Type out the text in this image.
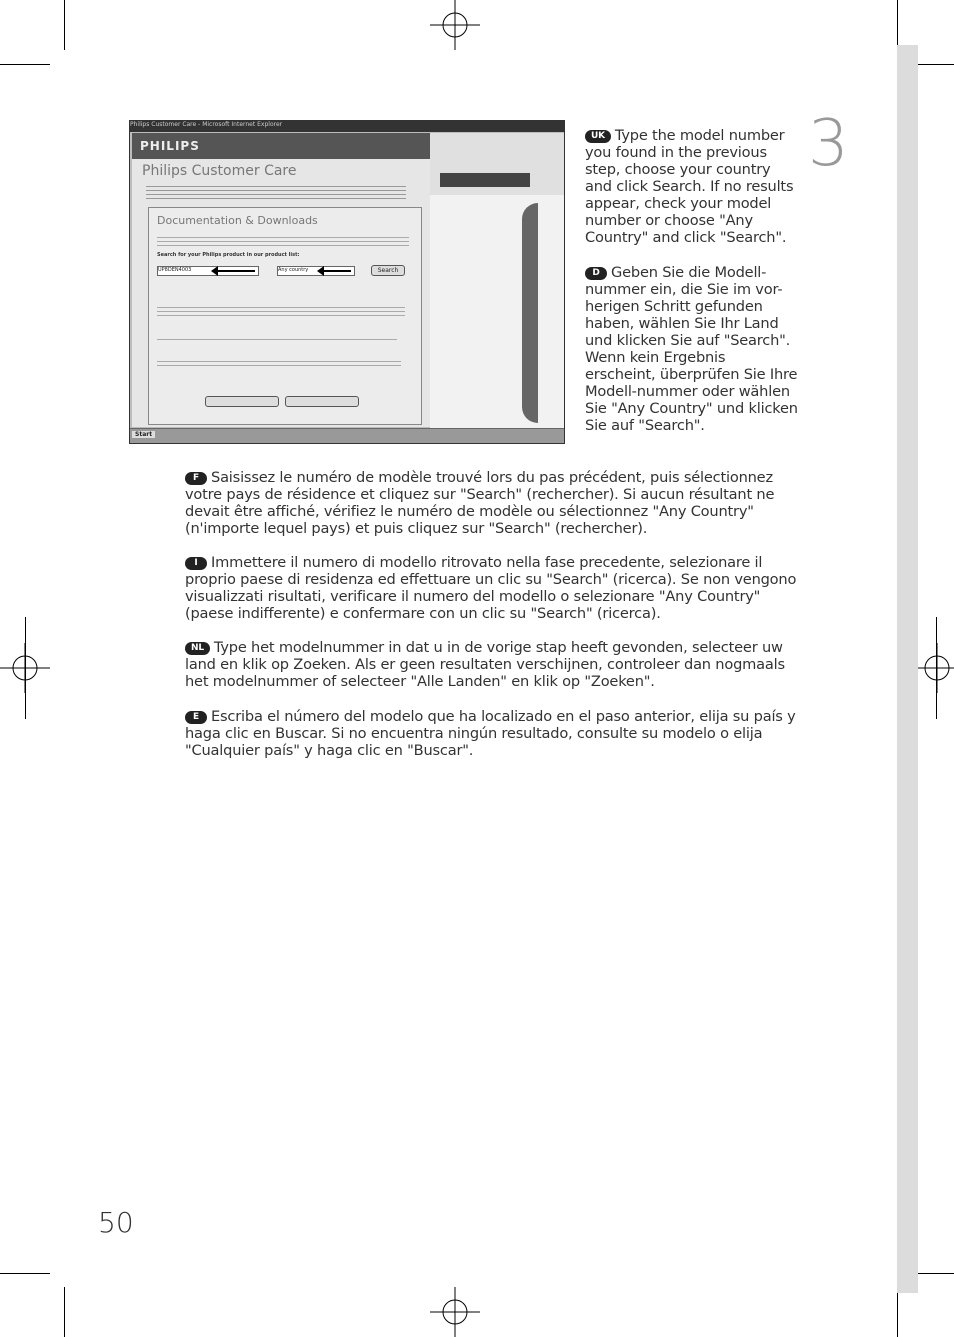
3
Philips Customer Care - Microsoft Internet Explorer
PHILIPS
Philips Customer Care
Documentation & Downloads
Search for your Philips product in our product list:
UP8DEN4003	Any country	Search
Start
UK Type the model number you found in the previous step, choose your country and click Search. If no results appear, check your model number or choose "Any Country" and click "Search".
D Geben Sie die Modell-nummer ein, die Sie im vor-herigen Schritt gefunden haben, wählen Sie Ihr Land und klicken Sie auf "Search". Wenn kein Ergebnis erscheint, überprüfen Sie Ihre Modell-nummer oder wählen Sie "Any Country" und klicken Sie auf "Search".
F Saisissez le numéro de modèle trouvé lors du pas précédent, puis sélectionnez votre pays de résidence et cliquez sur "Search" (rechercher). Si aucun résultant ne devait être affiché, vérifiez le numéro de modèle ou sélectionnez "Any Country" (n'importe lequel pays) et puis cliquez sur "Search" (rechercher).
I Immettere il numero di modello ritrovato nella fase precedente, selezionare il proprio paese di residenza ed effettuare un clic su "Search" (ricerca). Se non vengono visualizzati risultati, verificare il numero del modello o selezionare "Any Country" (paese indifferente) e confermare con un clic su "Search" (ricerca).
NL Type het modelnummer in dat u in de vorige stap heeft gevonden, selecteer uw land en klik op Zoeken. Als er geen resultaten verschijnen, controleer dan nogmaals het modelnummer of selecteer "Alle Landen" en klik op "Zoeken".
E Escriba el número del modelo que ha localizado en el paso anterior, elija su país y haga clic en Buscar. Si no encuentra ningún resultado, consulte su modelo o elija "Cualquier país" y haga clic en "Buscar".
50
